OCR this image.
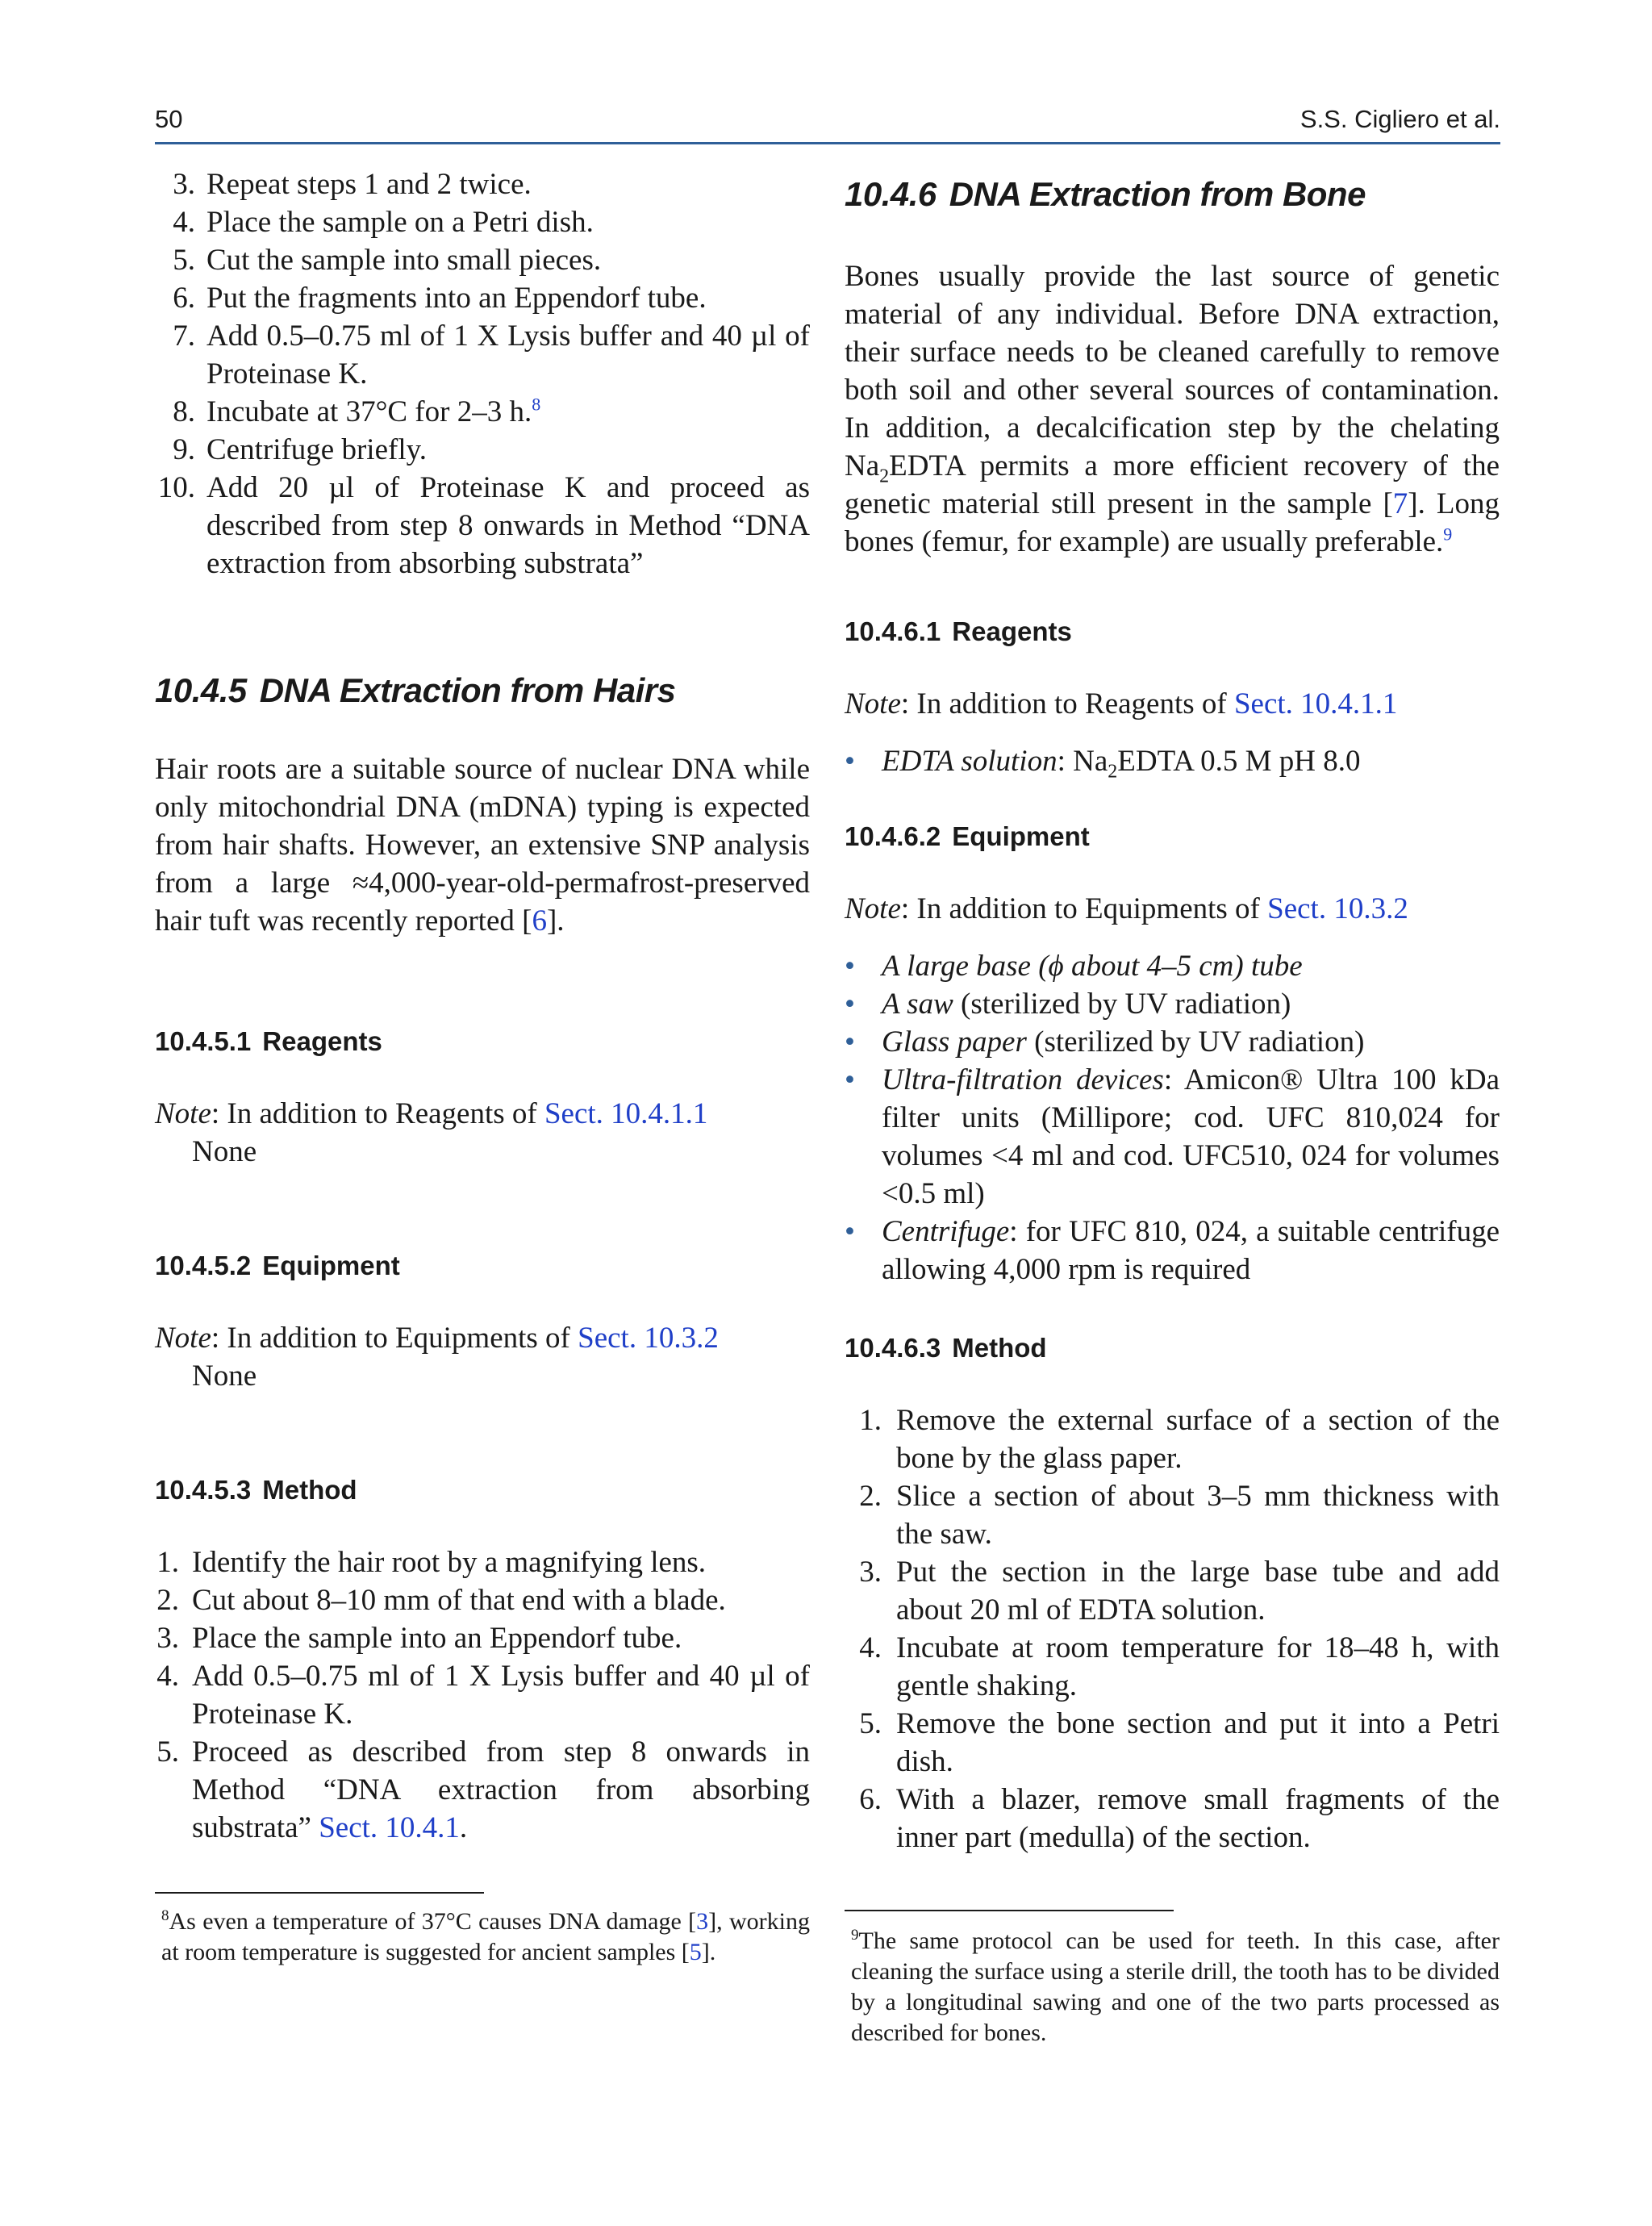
50	S.S. Cigliero et al.
3. Repeat steps 1 and 2 twice.
4. Place the sample on a Petri dish.
5. Cut the sample into small pieces.
6. Put the fragments into an Eppendorf tube.
7. Add 0.5–0.75 ml of 1 X Lysis buffer and 40 µl of Proteinase K.
8. Incubate at 37°C for 2–3 h.$^8$
9. Centrifuge briefly.
10. Add 20 µl of Proteinase K and proceed as described from step 8 onwards in Method “DNA extraction from absorbing substrata”
10.4.5 DNA Extraction from Hairs

Hair roots are a suitable source of nuclear DNA while only mitochondrial DNA (mDNA) typing is expected from hair shafts. However, an extensive SNP analysis from a large ≈4,000-year-old-permafrost-preserved hair tuft was recently reported [6].

10.4.5.1 Reagents

Note: In addition to Reagents of Sect. 10.4.1.1

None
10.4.5.2 Equipment

Note: In addition to Equipments of Sect. 10.3.2

None
10.4.5.3 Method
1. Identify the hair root by a magnifying lens.
2. Cut about 8–10 mm of that end with a blade.
3. Place the sample into an Eppendorf tube.
4. Add 0.5–0.75 ml of 1 X Lysis buffer and 40 µl of Proteinase K.
5. Proceed as described from step 8 onwards in Method “DNA extraction from absorbing substrata” Sect. 10.4.1.

$^8$As even a temperature of 37°C causes DNA damage [3], working at room temperature is suggested for ancient samples [5].

10.4.6 DNA Extraction from Bone

Bones usually provide the last source of genetic material of any individual. Before DNA extraction, their surface needs to be cleaned carefully to remove both soil and other several sources of contamination. In addition, a decalcification step by the chelating $Na_2EDTA$ permits a more efficient recovery of the genetic material still present in the sample [7]. Long bones (femur, for example) are usually preferable.$^9$

10.4.6.1 Reagents

Note: In addition to Reagents of Sect. 10.4.1.1

• EDTA solution: $Na_2EDTA$ 0.5 M pH 8.0
10.4.6.2 Equipment

Note: In addition to Equipments of Sect. 10.3.2

• A large base (ϕ about 4–5 cm) tube
• A saw (sterilized by UV radiation)
• Glass paper (sterilized by UV radiation)
• Ultra-filtration devices: Amicon® Ultra 100 kDa filter units (Millipore; cod. UFC 810,024 for volumes <4 ml and cod. UFC510, 024 for volumes <0.5 ml)
• Centrifuge: for UFC 810, 024, a suitable centrifuge allowing 4,000 rpm is required
10.4.6.3 Method
1. Remove the external surface of a section of the bone by the glass paper.
2. Slice a section of about 3–5 mm thickness with the saw.
3. Put the section in the large base tube and add about 20 ml of EDTA solution.
4. Incubate at room temperature for 18–48 h, with gentle shaking.
5. Remove the bone section and put it into a Petri dish.
6. With a blazer, remove small fragments of the inner part (medulla) of the section.

$^9$The same protocol can be used for teeth. In this case, after cleaning the surface using a sterile drill, the tooth has to be divided by a longitudinal sawing and one of the two parts processed as described for bones.
